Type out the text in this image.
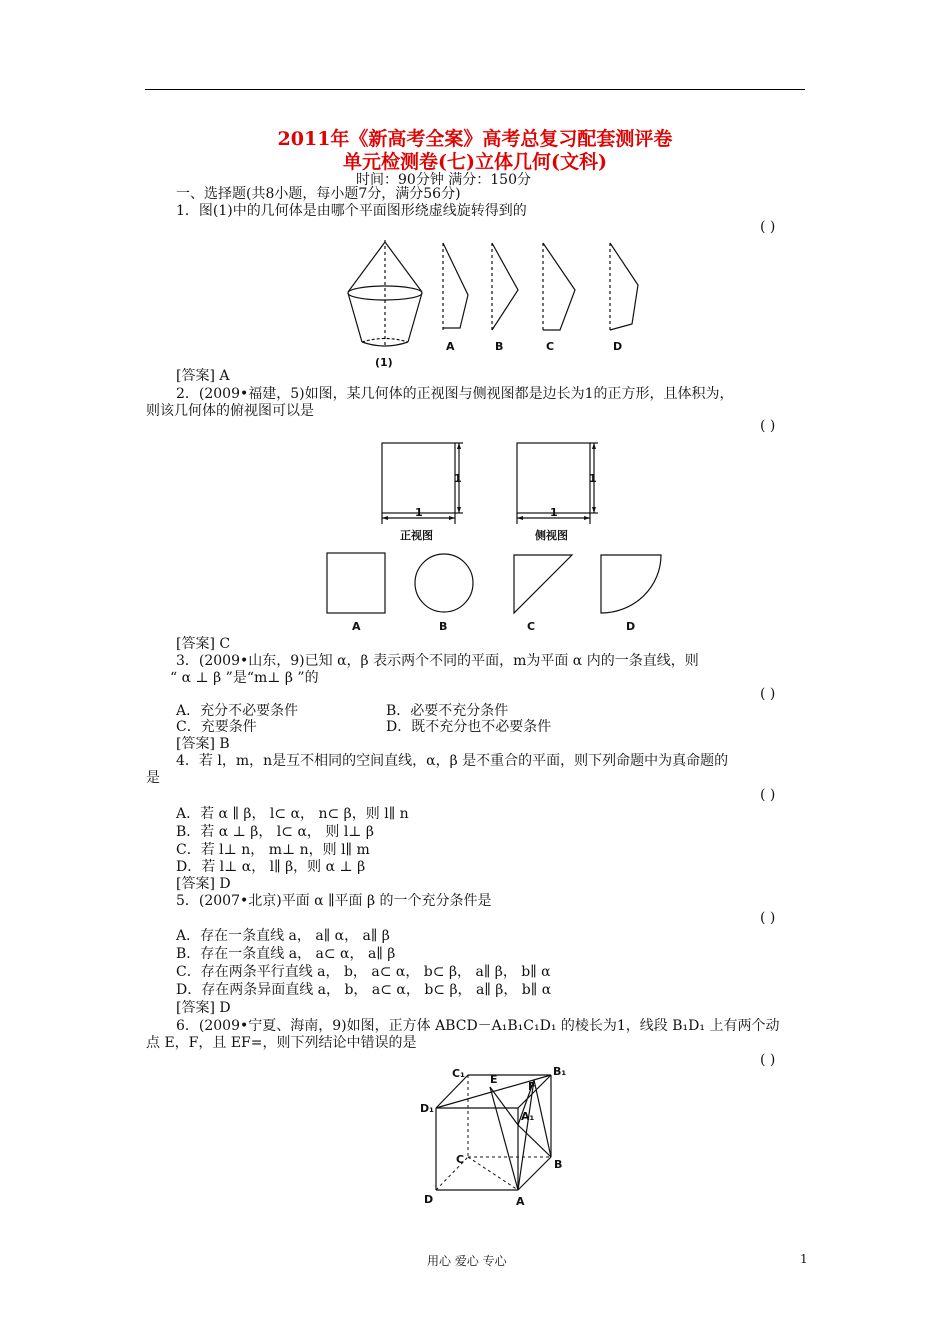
2011年《新高考全案》高考总复习配套测评卷
单元检测卷(七)立体几何(文科)
时间：90分钟 满分：150分
一、选择题(共8小题，每小题7分，满分56分)
1．图(1)中的几何体是由哪个平面图形绕虚线旋转得到的
( )
(1)
A	B	C	D
[答案] A
2．(2009•福建，5)如图，某几何体的正视图与侧视图都是边长为1的正方形，且体积为，
则该几何体的俯视图可以是
( )
1
1
1
1
正视图	侧视图
A	B	C	D
[答案] C
3．(2009•山东，9)已知 α，β 表示两个不同的平面，m为平面 α 内的一条直线，则
“ α ⊥ β ”是“m⊥ β ”的
( )
A．充分不必要条件	B．必要不充分条件
C．充要条件	D．既不充分也不必要条件
[答案] B
4．若 l，m，n是互不相同的空间直线，α，β 是不重合的平面，则下列命题中为真命题的
是
( )
A．若 α ∥ β， l⊂ α， n⊂ β，则 l∥ n
B．若 α ⊥ β， l⊂ α， 则 l⊥ β
C．若 l⊥ n， m⊥ n，则 l∥ m
D．若 l⊥ α， l∥ β，则 α ⊥ β
[答案] D
5．(2007•北京)平面 α ∥平面 β 的一个充分条件是
( )
A．存在一条直线 a， a∥ α， a∥ β
B．存在一条直线 a， a⊂ α， a∥ β
C．存在两条平行直线 a， b， a⊂ α， b⊂ β， a∥ β， b∥ α
D．存在两条异面直线 a， b， a⊂ α， b⊂ β， a∥ β， b∥ α
[答案] D
6．(2009•宁夏、海南，9)如图，正方体 ABCD－A₁B₁C₁D₁ 的棱长为1，线段 B₁D₁ 上有两个动
点 E，F，且 EF=，则下列结论中错误的是
( )
C₁	B₁
D₁
E
F
A₁
C	B
D	A
用心 爱心 专心	1
